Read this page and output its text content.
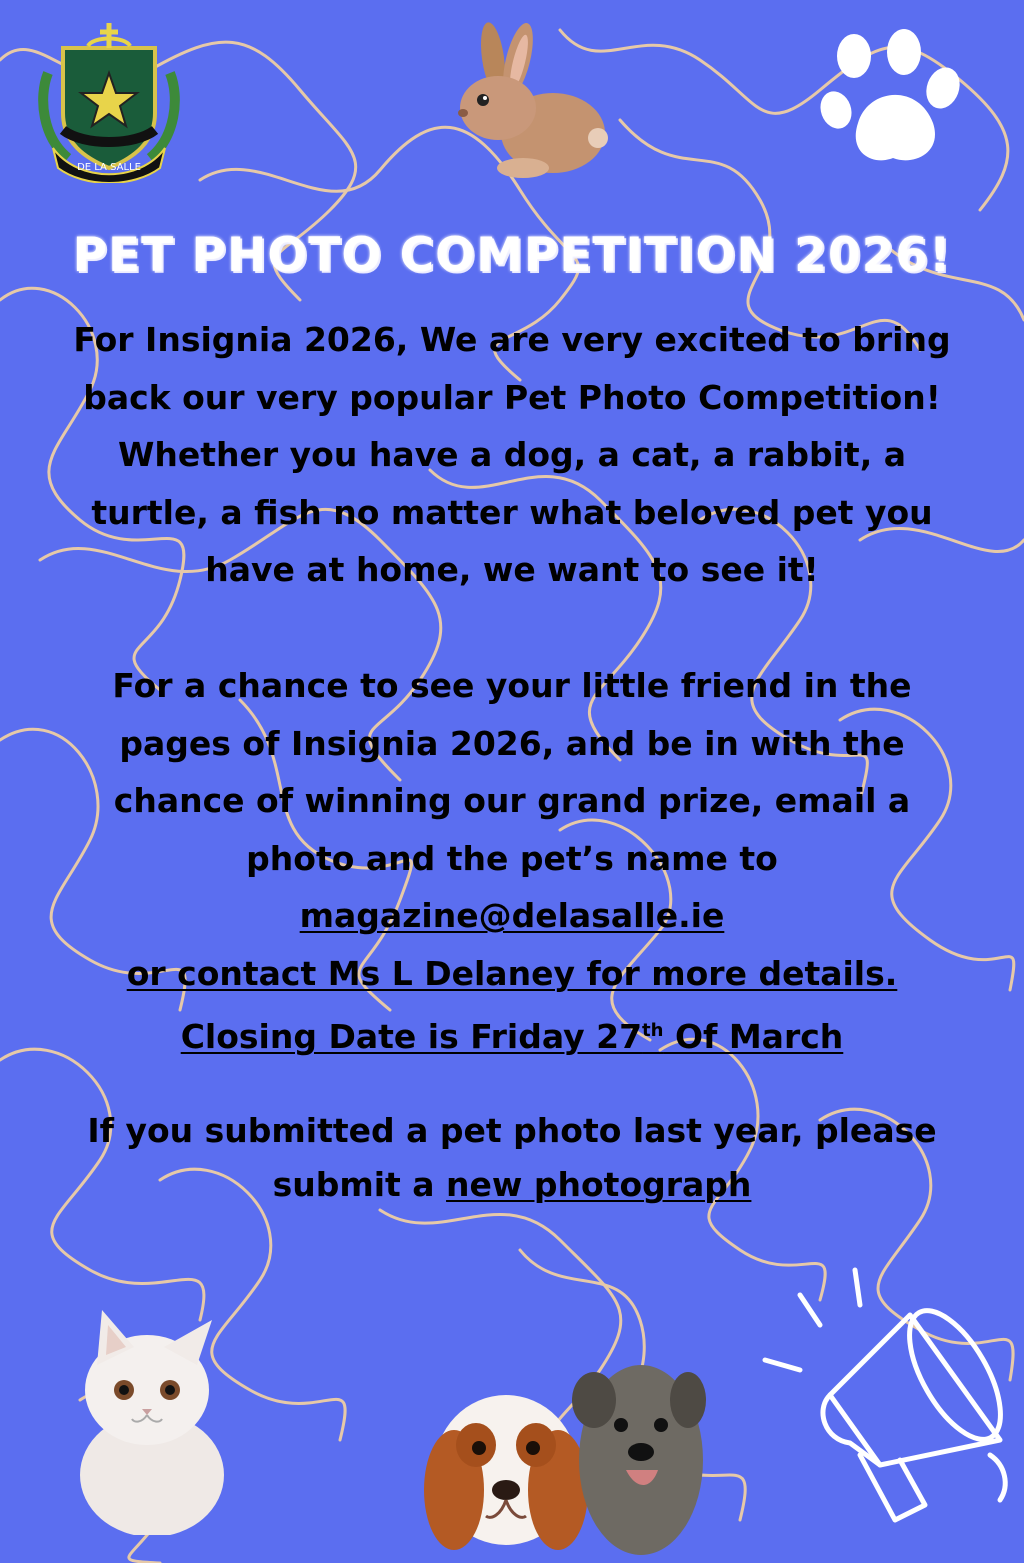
DE LA SALLE
PET PHOTO COMPETITION 2026!
For Insignia 2026, We are very excited to bring
back our very popular Pet Photo Competition!
Whether you have a dog, a cat, a rabbit, a
turtle, a fish no matter what beloved pet you
have at home, we want to see it!
For a chance to see your little friend in the
pages of Insignia 2026, and be in with the
chance of winning our grand prize, email a
photo and the pet’s name to
magazine@delasalle.ie
or contact Ms L Delaney for more details.
Closing Date is Friday 27th Of March
If you submitted a pet photo last year, please
submit a new photograph
